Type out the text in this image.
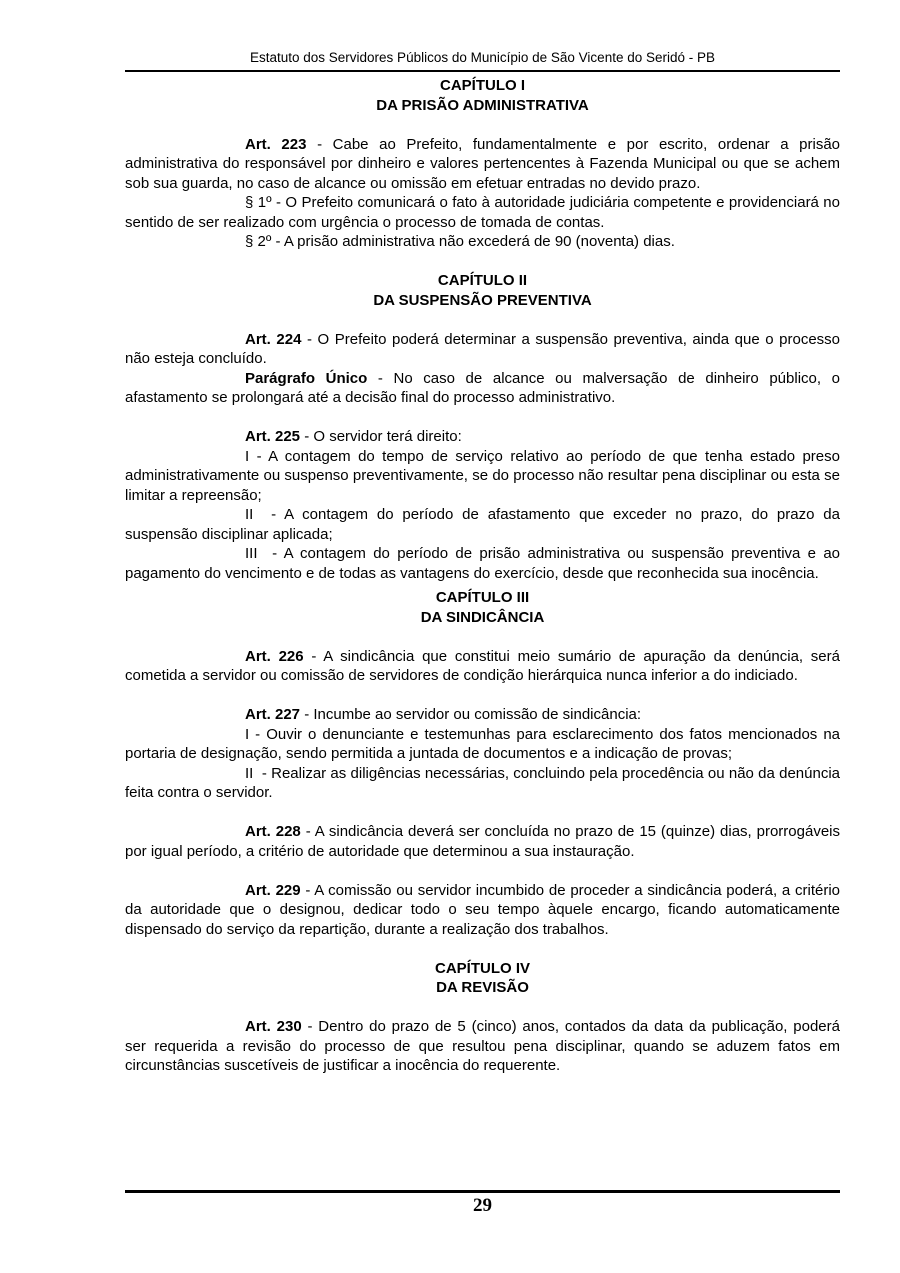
Estatuto dos Servidores Públicos do Município de São Vicente do Seridó - PB
CAPÍTULO I
DA PRISÃO ADMINISTRATIVA
Art. 223 - Cabe ao Prefeito, fundamentalmente e por escrito, ordenar a prisão administrativa do responsável por dinheiro e valores pertencentes à Fazenda Municipal ou que se achem sob sua guarda, no caso de alcance ou omissão em efetuar entradas no devido prazo.
§ 1º - O Prefeito comunicará o fato à autoridade judiciária competente e providenciará no sentido de ser realizado com urgência o processo de tomada de contas.
§ 2º - A prisão administrativa não excederá de 90 (noventa) dias.
CAPÍTULO II
DA SUSPENSÃO PREVENTIVA
Art. 224 - O Prefeito poderá determinar a suspensão preventiva, ainda que o processo não esteja concluído.
Parágrafo Único - No caso de alcance ou malversação de dinheiro público, o afastamento se prolongará até a decisão final do processo administrativo.
Art. 225 - O servidor terá direito:
I - A contagem do tempo de serviço relativo ao período de que tenha estado preso administrativamente ou suspenso preventivamente, se do processo não resultar pena disciplinar ou esta se limitar a repreensão;
II  - A contagem do período de afastamento que exceder no prazo, do prazo da suspensão disciplinar aplicada;
III  - A contagem do período de prisão administrativa ou suspensão preventiva e ao pagamento do vencimento e de todas as vantagens do exercício, desde que reconhecida sua inocência.
CAPÍTULO III
DA SINDICÂNCIA
Art. 226 - A sindicância que constitui meio sumário de apuração da denúncia, será cometida a servidor ou comissão de servidores de condição hierárquica nunca inferior a do indiciado.
Art. 227 - Incumbe ao servidor ou comissão de sindicância:
I - Ouvir o denunciante e testemunhas para esclarecimento dos fatos mencionados na portaria de designação, sendo permitida a juntada de documentos e a indicação de provas;
II  - Realizar as diligências necessárias, concluindo pela procedência ou não da denúncia feita contra o servidor.
Art. 228 - A sindicância deverá ser concluída no prazo de 15 (quinze) dias, prorrogáveis por igual período, a critério de autoridade que determinou a sua instauração.
Art. 229 - A comissão ou servidor incumbido de proceder a sindicância poderá, a critério da autoridade que o designou, dedicar todo o seu tempo àquele encargo, ficando automaticamente dispensado do serviço da repartição, durante a realização dos trabalhos.
CAPÍTULO IV
DA REVISÃO
Art. 230 - Dentro do prazo de 5 (cinco) anos, contados da data da publicação, poderá ser requerida a revisão do processo de que resultou pena disciplinar, quando se aduzem fatos em circunstâncias suscetíveis de justificar a inocência do requerente.
29
